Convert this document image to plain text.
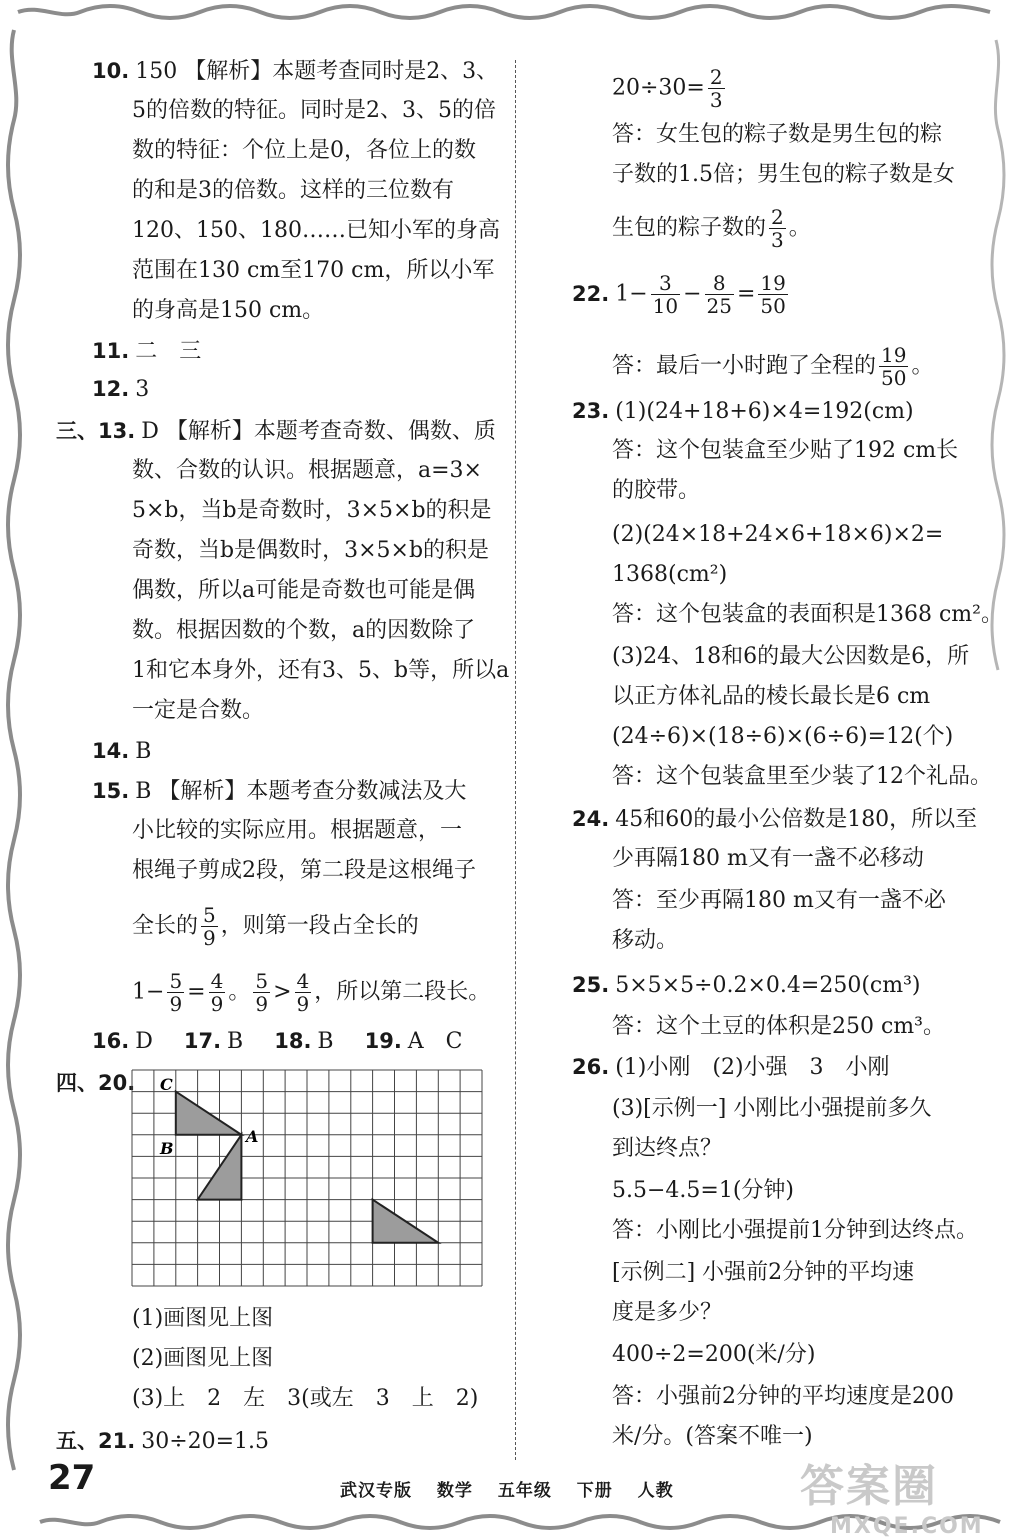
10. 150 【解析】本题考查同时是2、3、
5的倍数的特征。同时是2、3、5的倍
数的特征：个位上是0，各位上的数
的和是3的倍数。这样的三位数有
120、150、180……已知小军的身高
范围在130 cm至170 cm，所以小军
的身高是150 cm。
11. 二　三
12. 3
三、13. D 【解析】本题考查奇数、偶数、质
数、合数的认识。根据题意，a=3×
5×b，当b是奇数时，3×5×b的积是
奇数，当b是偶数时，3×5×b的积是
偶数，所以a可能是奇数也可能是偶
数。根据因数的个数，a的因数除了
1和它本身外，还有3、5、b等，所以a
一定是合数。
14. B
15. B 【解析】本题考查分数减法及大
小比较的实际应用。根据题意，一
根绳子剪成2段，第二段是这根绳子
全长的 $\frac{5}{9}$ ，则第一段占全长的
$1- \frac{5}{9} = \frac{4}{9}$ 。 $\frac{5}{9} > \frac{4}{9}$ ，所以第二段长。
16. D 17. B 18. B 19. A　C
四、20.	C
B
A
(1)画图见上图
(2)画图见上图
(3)上　2　左　3(或左　3　上　2)
五、21. 30÷20=1.5
$20\div 30= \frac{2}{3}$
答：女生包的粽子数是男生包的粽
子数的1.5倍；男生包的粽子数是女
生包的粽子数的 $\frac{2}{3}$ 。
22. $1- \frac{3}{10} - \frac{8}{25} = \frac{19}{50}$
答：最后一小时跑了全程的 $\frac{19}{50}$ 。
23. (1)(24+18+6)×4=192(cm)
答：这个包装盒至少贴了192 cm长
的胶带。
(2)(24×18+24×6+18×6)×2=
1368(cm²)
答：这个包装盒的表面积是1368 cm²。
(3)24、18和6的最大公因数是6，所
以正方体礼品的棱长最长是6 cm
(24÷6)×(18÷6)×(6÷6)=12(个)
答：这个包装盒里至少装了12个礼品。
24. 45和60的最小公倍数是180，所以至
少再隔180 m又有一盏不必移动
答：至少再隔180 m又有一盏不必
移动。
25. 5×5×5÷0.2×0.4=250(cm³)
答：这个土豆的体积是250 cm³。
26. (1)小刚　(2)小强　3　小刚
(3)[示例一] 小刚比小强提前多久
到达终点？
5.5−4.5=1(分钟)
答：小刚比小强提前1分钟到达终点。
[示例二] 小强前2分钟的平均速
度是多少？
400÷2=200(米/分)
答：小强前2分钟的平均速度是200
米/分。(答案不唯一)
27	武汉专版 数学 五年级 下册 人教	答案圈
MXQE.COM
